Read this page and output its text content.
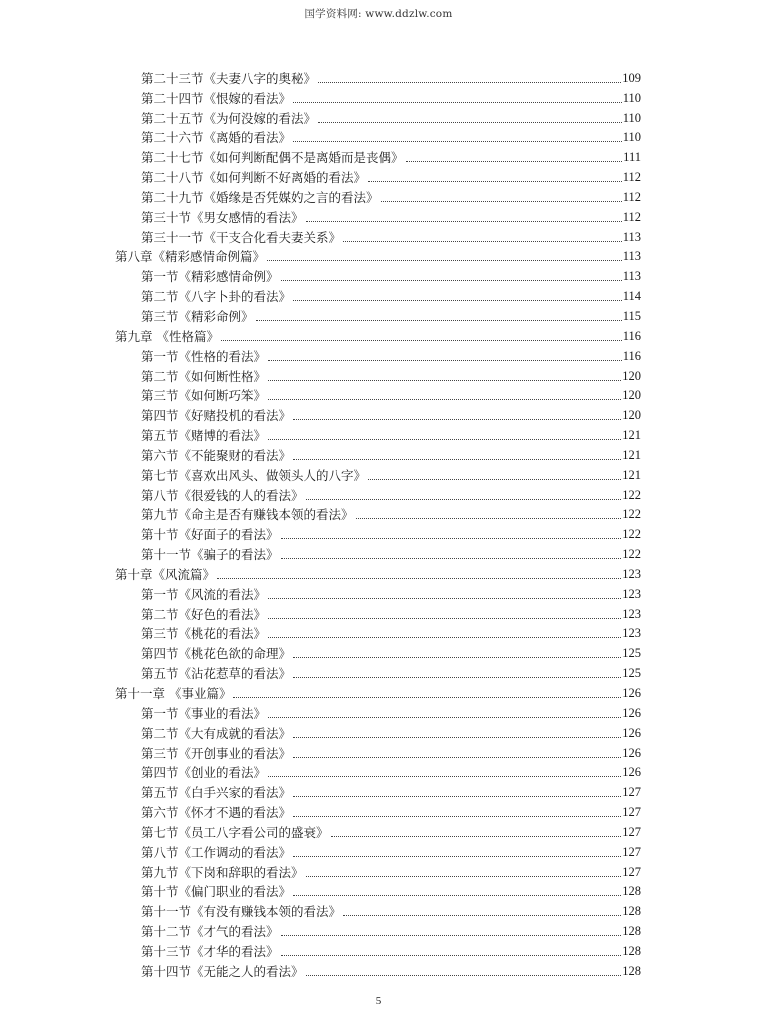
国学资料网: www.ddzlw.com
第二十三节《夫妻八字的奥秘》	109
第二十四节《恨嫁的看法》	110
第二十五节《为何没嫁的看法》	110
第二十六节《离婚的看法》	110
第二十七节《如何判断配偶不是离婚而是丧偶》	111
第二十八节《如何判断不好离婚的看法》	112
第二十九节《婚缘是否凭媒妁之言的看法》	112
第三十节《男女感情的看法》	112
第三十一节《干支合化看夫妻关系》	113
第八章《精彩感情命例篇》	113
第一节《精彩感情命例》	113
第二节《八字卜卦的看法》	114
第三节《精彩命例》	115
第九章 《性格篇》	116
第一节《性格的看法》	116
第二节《如何断性格》	120
第三节《如何断巧笨》	120
第四节《好赌投机的看法》	120
第五节《赌博的看法》	121
第六节《不能聚财的看法》	121
第七节《喜欢出风头、做领头人的八字》	121
第八节《很爱钱的人的看法》	122
第九节《命主是否有赚钱本领的看法》	122
第十节《好面子的看法》	122
第十一节《骗子的看法》	122
第十章《风流篇》	123
第一节《风流的看法》	123
第二节《好色的看法》	123
第三节《桃花的看法》	123
第四节《桃花色欲的命理》	125
第五节《沾花惹草的看法》	125
第十一章 《事业篇》	126
第一节《事业的看法》	126
第二节《大有成就的看法》	126
第三节《开创事业的看法》	126
第四节《创业的看法》	126
第五节《白手兴家的看法》	127
第六节《怀才不遇的看法》	127
第七节《员工八字看公司的盛衰》	127
第八节《工作调动的看法》	127
第九节《下岗和辞职的看法》	127
第十节《偏门职业的看法》	128
第十一节《有没有赚钱本领的看法》	128
第十二节《才气的看法》	128
第十三节《才华的看法》	128
第十四节《无能之人的看法》	128
5
